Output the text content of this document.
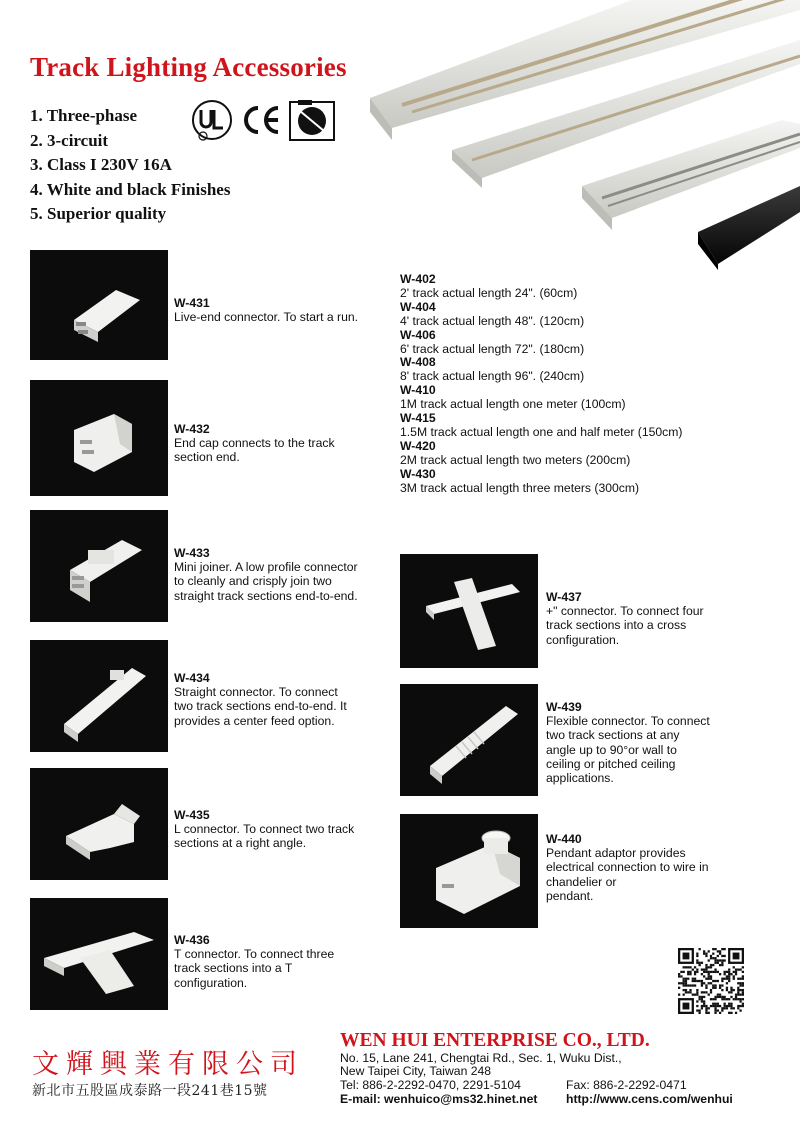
Track Lighting Accessories
1. Three-phase
2. 3-circuit
3. Class I 230V 16A
4. White and black Finishes
5. Superior quality
W-402
2' track actual length 24". (60cm)
W-404
4' track actual length 48". (120cm)
W-406
6' track actual length 72". (180cm)
W-408
8' track actual length 96". (240cm)
W-410
1M track actual length one meter (100cm)
W-415
1.5M track actual length one and half meter (150cm)
W-420
2M track actual length two meters (200cm)
W-430
3M track actual length three meters (300cm)
W-431
Live-end connector. To start a run.
W-432
End cap connects to the track
section end.
W-433
Mini joiner. A low profile connector
to cleanly and crisply join two
straight track sections end-to-end.
W-434
Straight connector. To connect
two track sections end-to-end. It
provides a center feed option.
W-435
L connector. To connect two track
sections at a right angle.
W-436
T connector. To connect three
track sections into a T
configuration.
W-437
+" connector. To connect four
track sections into a cross
configuration.
W-439
Flexible connector. To connect
two track sections at any
angle up to 90°or wall to
ceiling or pitched ceiling
applications.
W-440
Pendant adaptor provides
electrical connection to wire in
chandelier or
pendant.
文輝興業有限公司
新北市五股區成泰路一段241巷15號
WEN HUI ENTERPRISE CO., LTD.
No. 15, Lane 241, Chengtai Rd., Sec. 1, Wuku Dist.,
New Taipei City, Taiwan 248
Tel: 886-2-2292-0470, 2291-5104	Fax: 886-2-2292-0471
E-mail: wenhuico@ms32.hinet.net http://www.cens.com/wenhui
